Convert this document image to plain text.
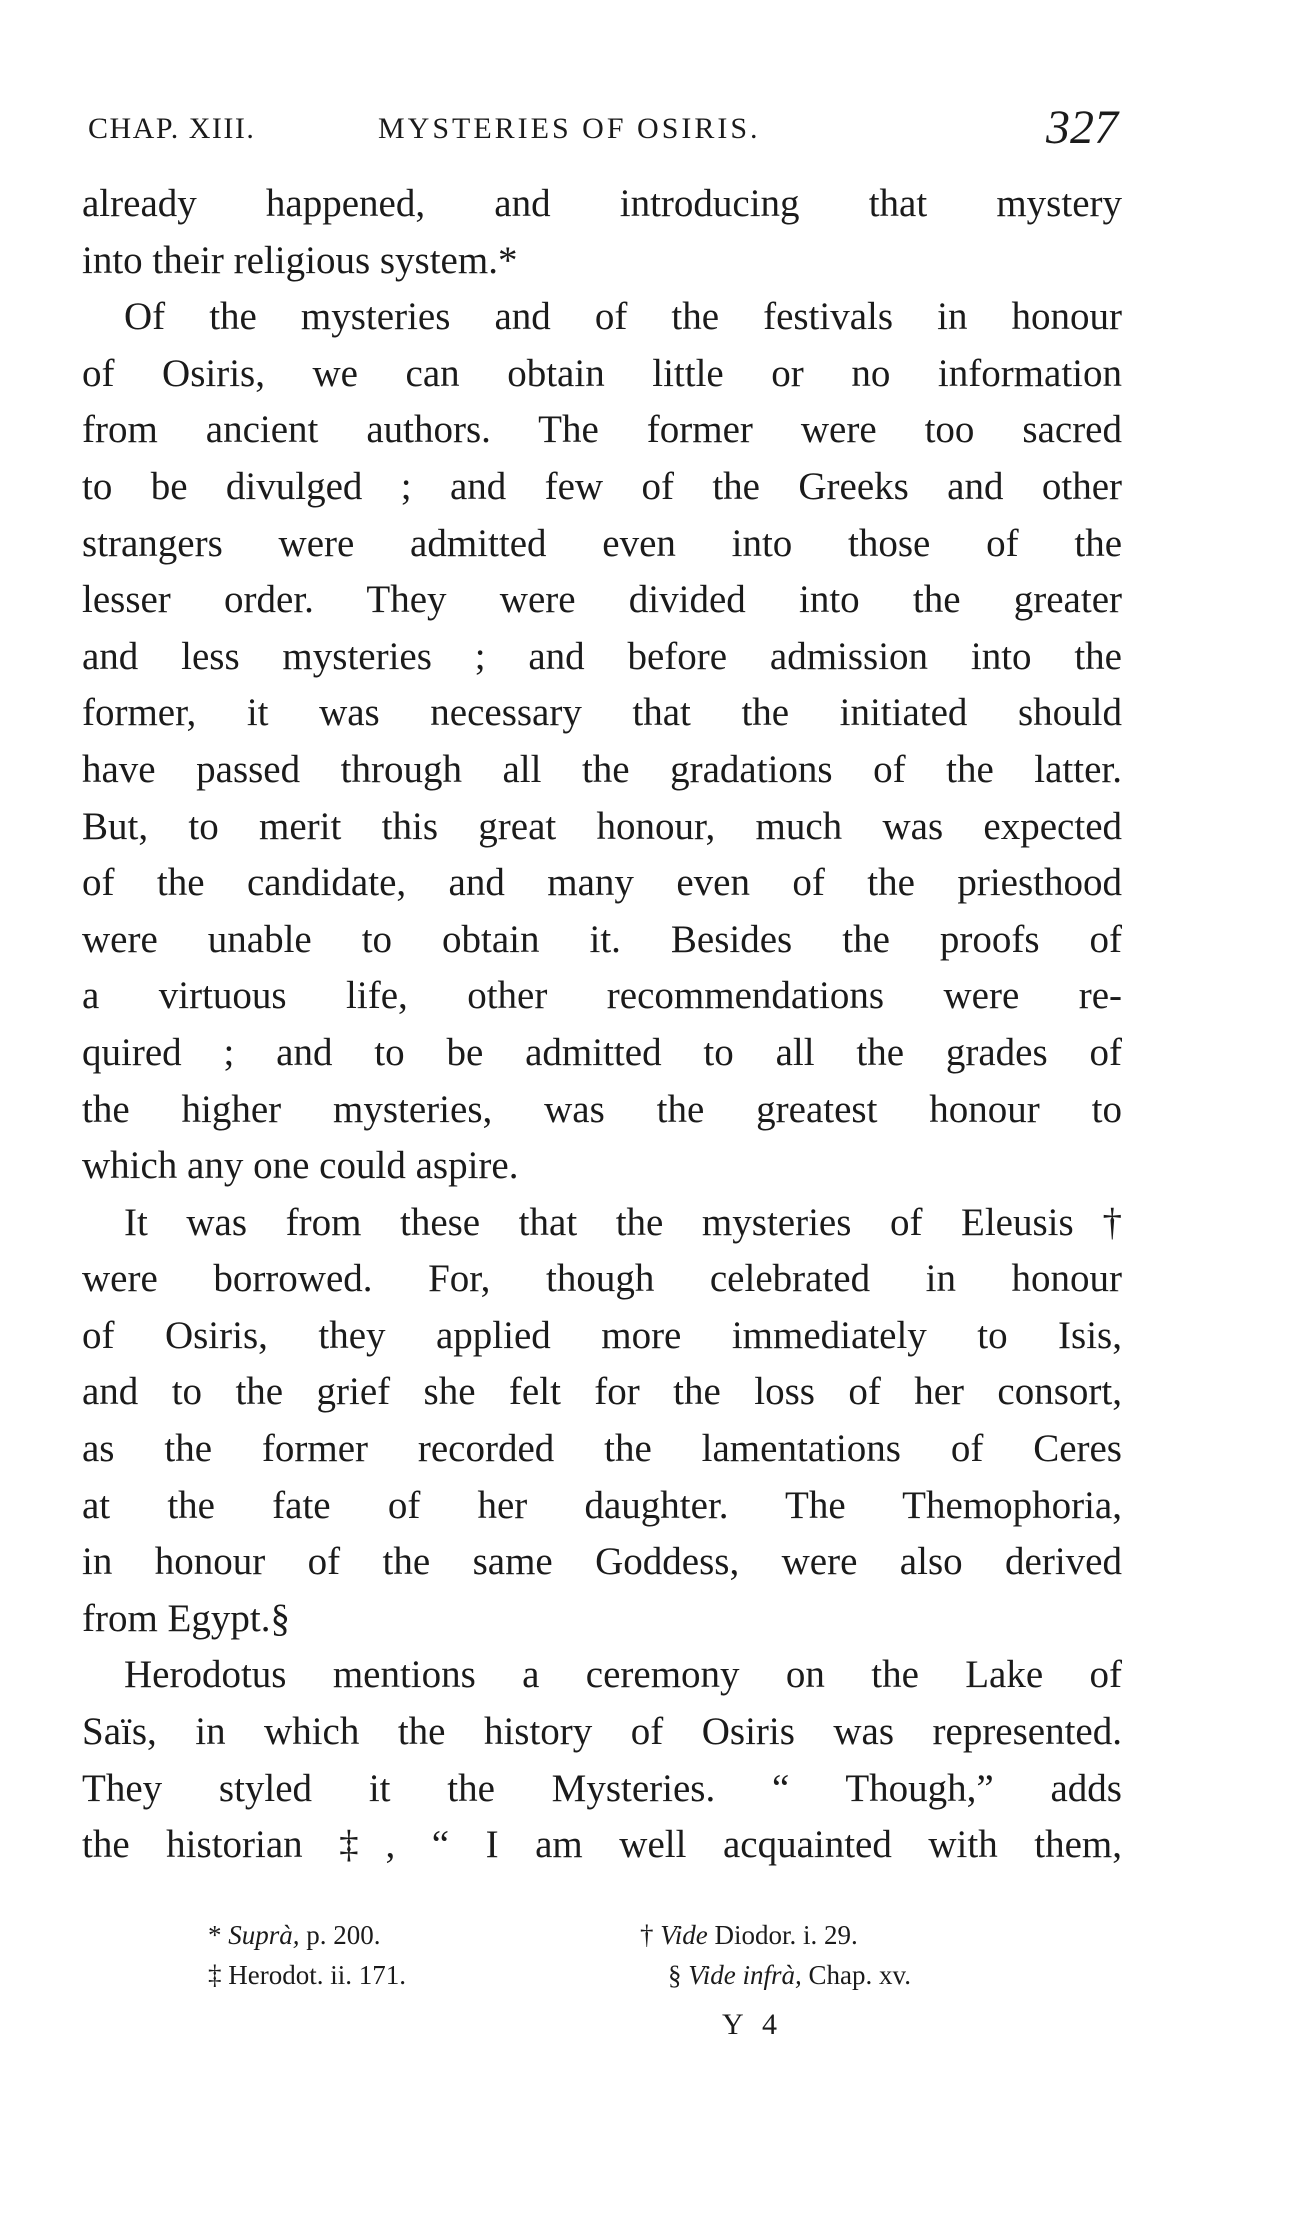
CHAP. XIII.	MYSTERIES OF OSIRIS.	327
already happened, and introducing that mystery
into their religious system.*
Of the mysteries and of the festivals in honour
of Osiris, we can obtain little or no information
from ancient authors. The former were too sacred
to be divulged ; and few of the Greeks and other
strangers were admitted even into those of the
lesser order. They were divided into the greater
and less mysteries ; and before admission into the
former, it was necessary that the initiated should
have passed through all the gradations of the latter.
But, to merit this great honour, much was expected
of the candidate, and many even of the priesthood
were unable to obtain it. Besides the proofs of
a virtuous life, other recommendations were re-
quired ; and to be admitted to all the grades of
the higher mysteries, was the greatest honour to
which any one could aspire.
It was from these that the mysteries of Eleusis†
were borrowed. For, though celebrated in honour
of Osiris, they applied more immediately to Isis,
and to the grief she felt for the loss of her consort,
as the former recorded the lamentations of Ceres
at the fate of her daughter. The Themophoria,
in honour of the same Goddess, were also derived
from Egypt.§
Herodotus mentions a ceremony on the Lake of
Saïs, in which the history of Osiris was represented.
They styled it the Mysteries. “ Though,” adds
the historian ‡, “ I am well acquainted with them,
* Suprà, p. 200.	† Vide Diodor. i. 29.
‡ Herodot. ii. 171.	§ Vide infrà, Chap. xv.
Y 4
